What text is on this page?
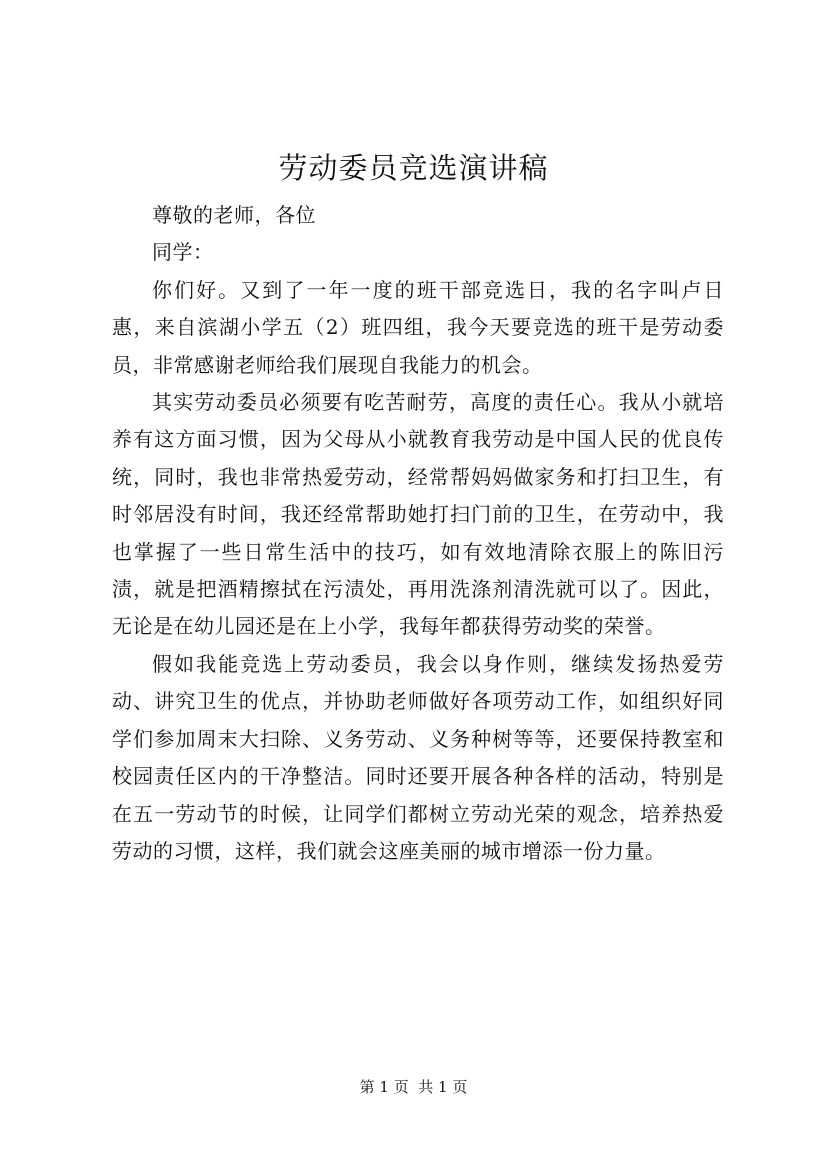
劳动委员竞选演讲稿

尊敬的老师，各位

同学：

你们好。又到了一年一度的班干部竞选日，我的名字叫卢日惠，来自滨湖小学五（2）班四组，我今天要竞选的班干是劳动委员，非常感谢老师给我们展现自我能力的机会。

其实劳动委员必须要有吃苦耐劳，高度的责任心。我从小就培养有这方面习惯，因为父母从小就教育我劳动是中国人民的优良传统，同时，我也非常热爱劳动，经常帮妈妈做家务和打扫卫生，有时邻居没有时间，我还经常帮助她打扫门前的卫生，在劳动中，我也掌握了一些日常生活中的技巧，如有效地清除衣服上的陈旧污渍，就是把酒精擦拭在污渍处，再用洗涤剂清洗就可以了。因此，无论是在幼儿园还是在上小学，我每年都获得劳动奖的荣誉。

假如我能竞选上劳动委员，我会以身作则，继续发扬热爱劳动、讲究卫生的优点，并协助老师做好各项劳动工作，如组织好同学们参加周末大扫除、义务劳动、义务种树等等，还要保持教室和校园责任区内的干净整洁。同时还要开展各种各样的活动，特别是在五一劳动节的时候，让同学们都树立劳动光荣的观念，培养热爱劳动的习惯，这样，我们就会这座美丽的城市增添一份力量。

第 1 页  共 1 页
